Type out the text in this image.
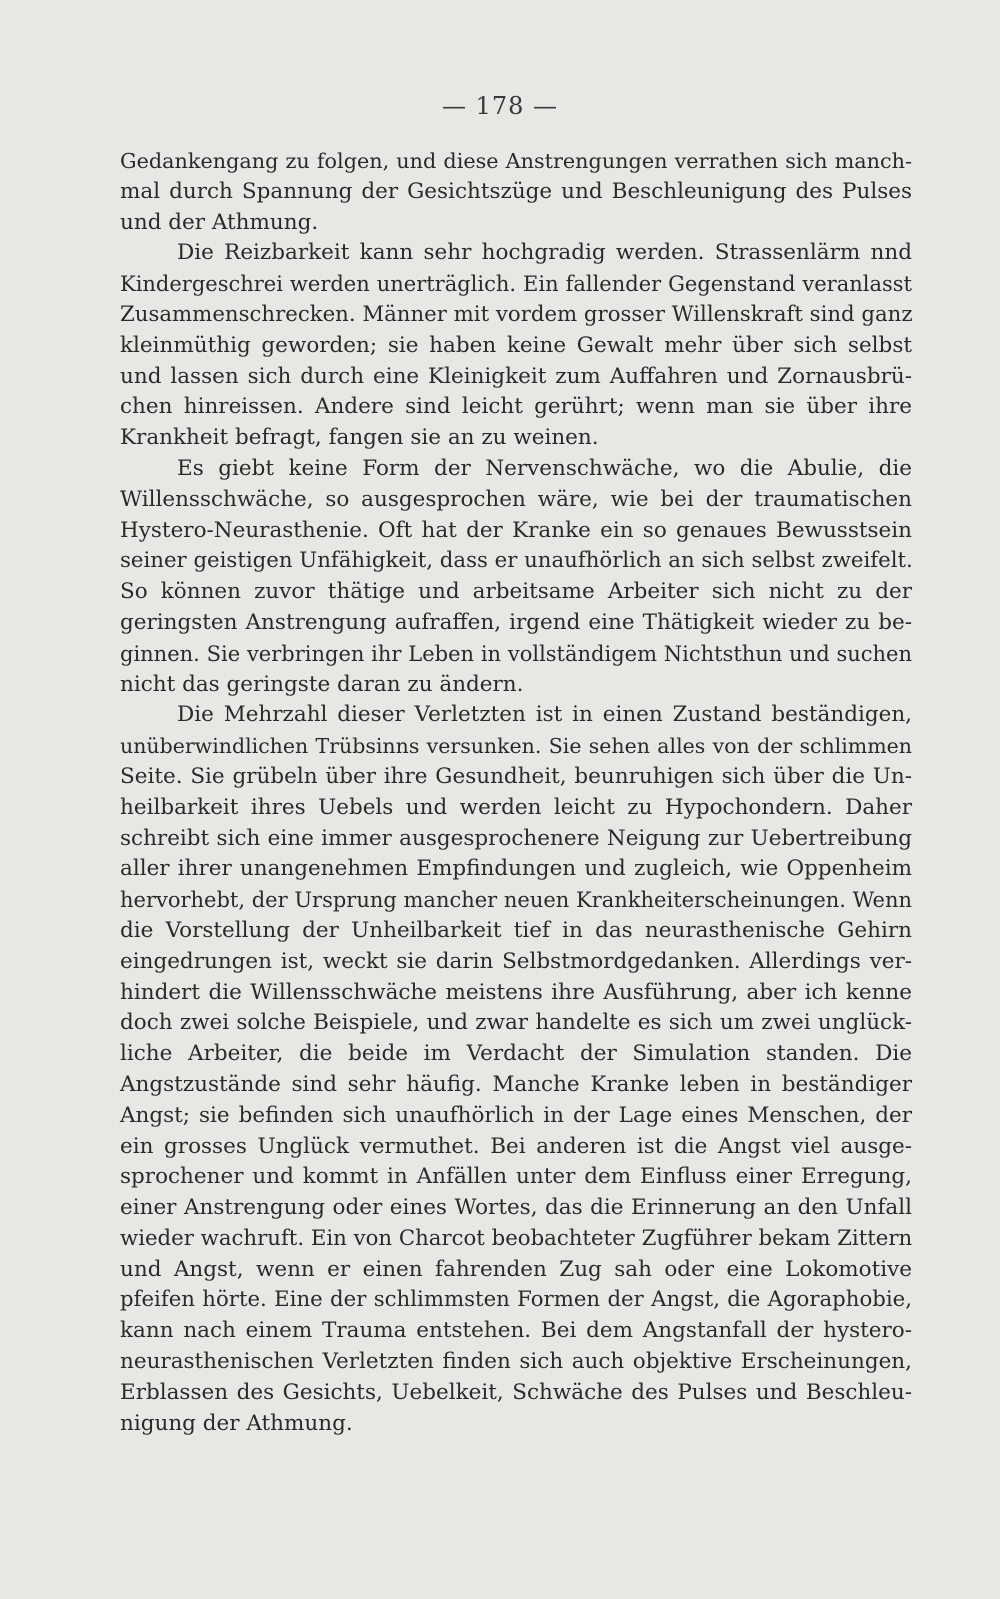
— 178 —
Gedankengang zu folgen, und diese Anstrengungen verrathen sich manch-
mal durch Spannung der Gesichtszüge und Beschleunigung des Pulses
und der Athmung.
Die Reizbarkeit kann sehr hochgradig werden. Strassenlärm nnd
Kindergeschrei werden unerträglich. Ein fallender Gegenstand veranlasst
Zusammenschrecken. Männer mit vordem grosser Willenskraft sind ganz
kleinmüthig geworden; sie haben keine Gewalt mehr über sich selbst
und lassen sich durch eine Kleinigkeit zum Auffahren und Zornausbrü-
chen hinreissen. Andere sind leicht gerührt; wenn man sie über ihre
Krankheit befragt, fangen sie an zu weinen.
Es giebt keine Form der Nervenschwäche, wo die Abulie, die
Willensschwäche, so ausgesprochen wäre, wie bei der traumatischen
Hystero-Neurasthenie. Oft hat der Kranke ein so genaues Bewusstsein
seiner geistigen Unfähigkeit, dass er unaufhörlich an sich selbst zweifelt.
So können zuvor thätige und arbeitsame Arbeiter sich nicht zu der
geringsten Anstrengung aufraffen, irgend eine Thätigkeit wieder zu be-
ginnen. Sie verbringen ihr Leben in vollständigem Nichtsthun und suchen
nicht das geringste daran zu ändern.
Die Mehrzahl dieser Verletzten ist in einen Zustand beständigen,
unüberwindlichen Trübsinns versunken. Sie sehen alles von der schlimmen
Seite. Sie grübeln über ihre Gesundheit, beunruhigen sich über die Un-
heilbarkeit ihres Uebels und werden leicht zu Hypochondern. Daher
schreibt sich eine immer ausgesprochenere Neigung zur Uebertreibung
aller ihrer unangenehmen Empfindungen und zugleich, wie Oppenheim
hervorhebt, der Ursprung mancher neuen Krankheiterscheinungen. Wenn
die Vorstellung der Unheilbarkeit tief in das neurasthenische Gehirn
eingedrungen ist, weckt sie darin Selbstmordgedanken. Allerdings ver-
hindert die Willensschwäche meistens ihre Ausführung, aber ich kenne
doch zwei solche Beispiele, und zwar handelte es sich um zwei unglück-
liche Arbeiter, die beide im Verdacht der Simulation standen. Die
Angstzustände sind sehr häufig. Manche Kranke leben in beständiger
Angst; sie befinden sich unaufhörlich in der Lage eines Menschen, der
ein grosses Unglück vermuthet. Bei anderen ist die Angst viel ausge-
sprochener und kommt in Anfällen unter dem Einfluss einer Erregung,
einer Anstrengung oder eines Wortes, das die Erinnerung an den Unfall
wieder wachruft. Ein von Charcot beobachteter Zugführer bekam Zittern
und Angst, wenn er einen fahrenden Zug sah oder eine Lokomotive
pfeifen hörte. Eine der schlimmsten Formen der Angst, die Agoraphobie,
kann nach einem Trauma entstehen. Bei dem Angstanfall der hystero-
neurasthenischen Verletzten finden sich auch objektive Erscheinungen,
Erblassen des Gesichts, Uebelkeit, Schwäche des Pulses und Beschleu-
nigung der Athmung.
